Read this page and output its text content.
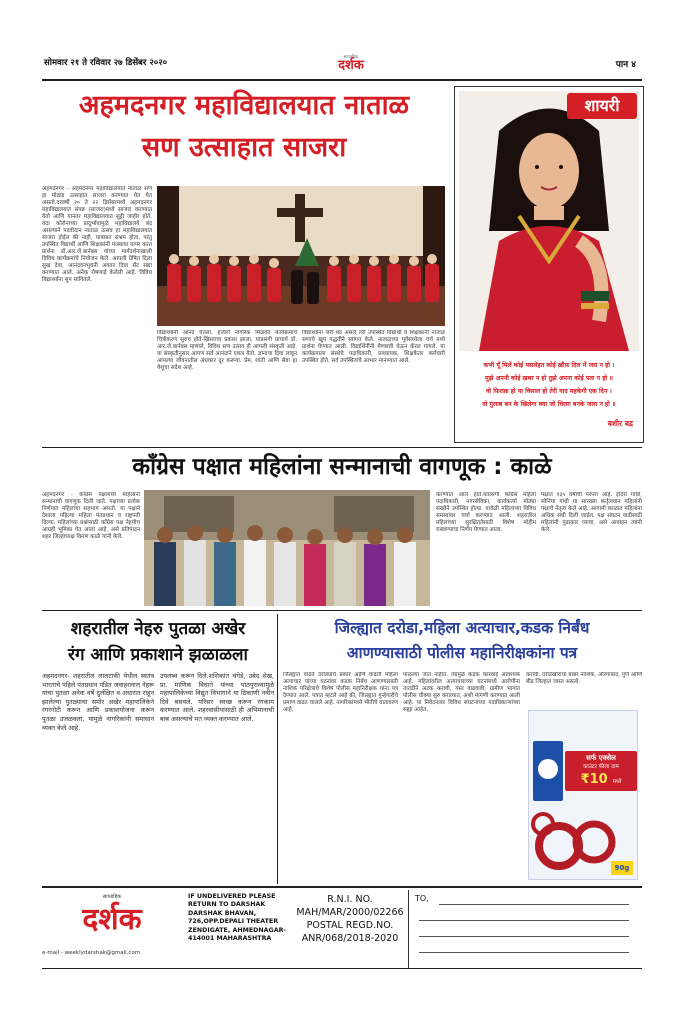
सोमवार २१ ते रविवार २७ डिसेंबर २०२०
साप्ताहिक
दर्शक	पान ४
अहमदनगर महाविद्यालयात नाताळ
सण उत्साहात साजरा
अहमदनगर - अहमदनगर महाविद्यालयात नाताळ सण हा मोठ्या उत्साहात साजरा करण्यात येत येत असतो.दरवर्षी २० ते २२ डिसेंबरमध्ये अहमदनगर महाविद्यालयात संपन्न (साजरा)मध्ये साजरा करण्यात येतो आणि यानंतर महाविद्यालयात सुट्टी जाहीर होते. यंदा कोरोनाच्या प्रादुर्भावामुळे महाविद्यालये बंद असल्याने पदवीदान नाताळ उत्सव हा महाविद्यालयात साजरा होईल की नाही, याबाबत संभ्रम होता. परंतु उपस्थित विद्यार्थी आणि शिक्षकांनी मास्कचा वापर करत प्रार्थना डॉ.आर.जे.बार्नबस यांच्या मार्गदर्शनाखाली विविध कार्यक्रमांचे नियोजन केले. आपली प्रेषित दिला सुख देवा, आनंदवनभुवनी अवतर दिवा सेंट सद्या करण्यात आले. अनेक रोषणाई केलेली आहे. विविध विद्यार्थ्यांना सुप सांगितले.
विद्यार्थ्यांनी आनंद घेतला. हजारो नागरिक मिळवत कार्यक्रमाचे चित्रीकरण सुरुच होते-ख्रिस्ताचा प्रकाश झाला. याप्रसंगी प्राचार्य डॉ. आर.जे.बार्नबस म्हणाले, विविध सण उत्सव ही आपली संस्कृती आहे. या संस्कृतीनुसार आपण सर्व आनंदाने एकत्र येतो. ज्ञानाचा दिवा लावून आपल्या जीवनातील अंधकार दूर करूया. प्रेम, शांती आणि सेवा हा येशूचा संदेश आहे.
विद्यार्थ्यांना जरी बंद असले तरी उपस्थित विद्यार्थी व शिक्षकांनी नाताळ सणाचे खूप पद्धतीने स्वागत केले. नाताळच्या पूर्वसंध्येला चर्च मध्ये प्रार्थना घेण्यात आली. विद्यार्थिनींनी मेणबत्ती घेऊन कॅरल गायले. या कार्यक्रमाला संस्थेचे पदाधिकारी, प्राध्यापक, शिक्षकेतर कर्मचारी उपस्थित होते. सर्व उपस्थितांचे आभार मानण्यात आले.
शायरी
कभी यूँ मिलें कोई मसलेहत कोई ख़ौफ़ दिल में जरा न हो ।
मुझे अपनी कोई ख़बर न हो तुझे अपना कोई पता न हो ॥
वो फ़िराक़ हो या विसाल हो तेरी याद महकेगी एक दिन ।
वो गुलाब बन के खिलेगा क्या जो चिराग़ बनके जला न हो ॥
बशीर बद्र
काँग्रेस पक्षात महिलांना सन्मानाची वागणूक : काळे
अहमदनगर - काँग्रेस पक्षामध्ये महिलांना सन्मानाची वागणूक दिली जाते. पक्षाच्या प्रत्येक निर्णयात महिलांचा सहभाग असतो. या पक्षाने देशाला पहिल्या महिला पंतप्रधान व राष्ट्रपती दिल्या. महिलांच्या प्रश्नांसाठी काँग्रेस पक्ष नेहमीच आग्रही भूमिका घेत आला आहे, असे प्रतिपादन शहर जिल्हाध्यक्ष किरण काळे यांनी केले.
करण्यात आले होते.याप्रसंगी कॉंग्रेस महिला पदाधिकारी, नगरसेविका, कार्यकर्त्या मोठ्या संख्येने उपस्थित होत्या. यावेळी महिलांच्या विविध समस्यांवर चर्चा करण्यात आली. शहरातील महिलांच्या सुरक्षिततेसाठी विशेष मोहीम राबवण्याचा निर्णय घेण्यात आला.
पक्षात १३५ वर्षाची परंपरा आहे. इंदिरा गांधी, सोनिया गांधी या सारख्या कर्तृत्ववान महिलांनी पक्षाचे नेतृत्व केले आहे. आगामी काळात महिलांना अधिक संधी दिली जाईल. पक्ष संघटन वाढीसाठी महिलांनी पुढाकार घ्यावा, असे आवाहन त्यांनी केले.
शहरातील नेहरु पुतळा अखेर
रंग आणि प्रकाशाने झळाळला
अहमदनगर- शहरातील लालटाकी येथील स्वतंत्र भारताचे पहिले पंतप्रधान पंडित जवाहरलाल नेहरू यांचा पुतळा अनेक वर्षे दुर्लक्षित व अंधारात राहून झालेल्या पुतळ्याचा समोर अखेर महापालिकेने रंगरंगोटी करून आणि प्रकाशयोजना करून पुतळा उजळवला. यामुळे नागरिकांनी समाधान व्यक्त केले आहे.
उपलब्ध करून दिले.शशिकांत चंगेडे, उबेद शेख, प्रा. माणिक विधाते यांच्या पाठपुराव्यामुळे महापालिकेच्या विद्युत विभागाने या ठिकाणी नवीन दिवे बसवले. परिसर स्वच्छ करून रंगकाम करण्यात आले. शहरवासीयांसाठी ही अभिमानाची बाब असल्याचे मत व्यक्त करण्यात आले.
जिल्ह्यात दरोडा,महिला अत्याचार,कडक निर्बंध
आणण्यासाठी पोलीस महानिरीक्षकांना पत्र
जिल्ह्यात वाढते दरोड्याचे प्रकार आणि वाढती महिला अत्याचार यांच्या घटनांवर कडक निर्बंध आणण्यासाठी नाशिक परिक्षेत्राचे विशेष पोलीस महानिरीक्षक यांना पत्र देण्यात आले. पत्रात म्हटले आहे की, जिल्ह्यात गुन्हेगारीचे प्रमाण वाढत चालले आहे. नागरिकांमध्ये भीतीचे वातावरण आहे.
पाळल्या जात नाहीत. त्यामुळे कडक कारवाई आवश्यक आहे. महिलांवरील अत्याचाराच्या घटनांमध्ये आरोपींना तातडीने अटक करावी, गस्त वाढवावी, ग्रामीण भागात पोलीस चौक्या सुरु कराव्यात, अशी मागणी करण्यात आली आहे. या निवेदनावर विविध संघटनांच्या पदाधिकाऱ्यांच्या सह्या आहेत.
करावी. दरोडेखोरांचा बाबर नाशिक, औरंगाबाद, पुणे आणि बीड जिल्हात जास्त असतो.
सर्फ एक्सेल
काउंटर फीला दाम
₹10 मध्ये
90g
साप्ताहिक
दर्शक
e-mail - weeklydarshak@gmail.com
IF UNDELIVERED PLEASE RETURN TO DARSHAK DARSHAK BHAVAN, 726,OPP.DEPALI THEATER ZENDIGATE, AHMEDNAGAR-414001 MAHARASHTRA
R.N.I. NO.
MAH/MAR/2000/02266
POSTAL REGD.NO.
ANR/068/2018-2020
TO,
